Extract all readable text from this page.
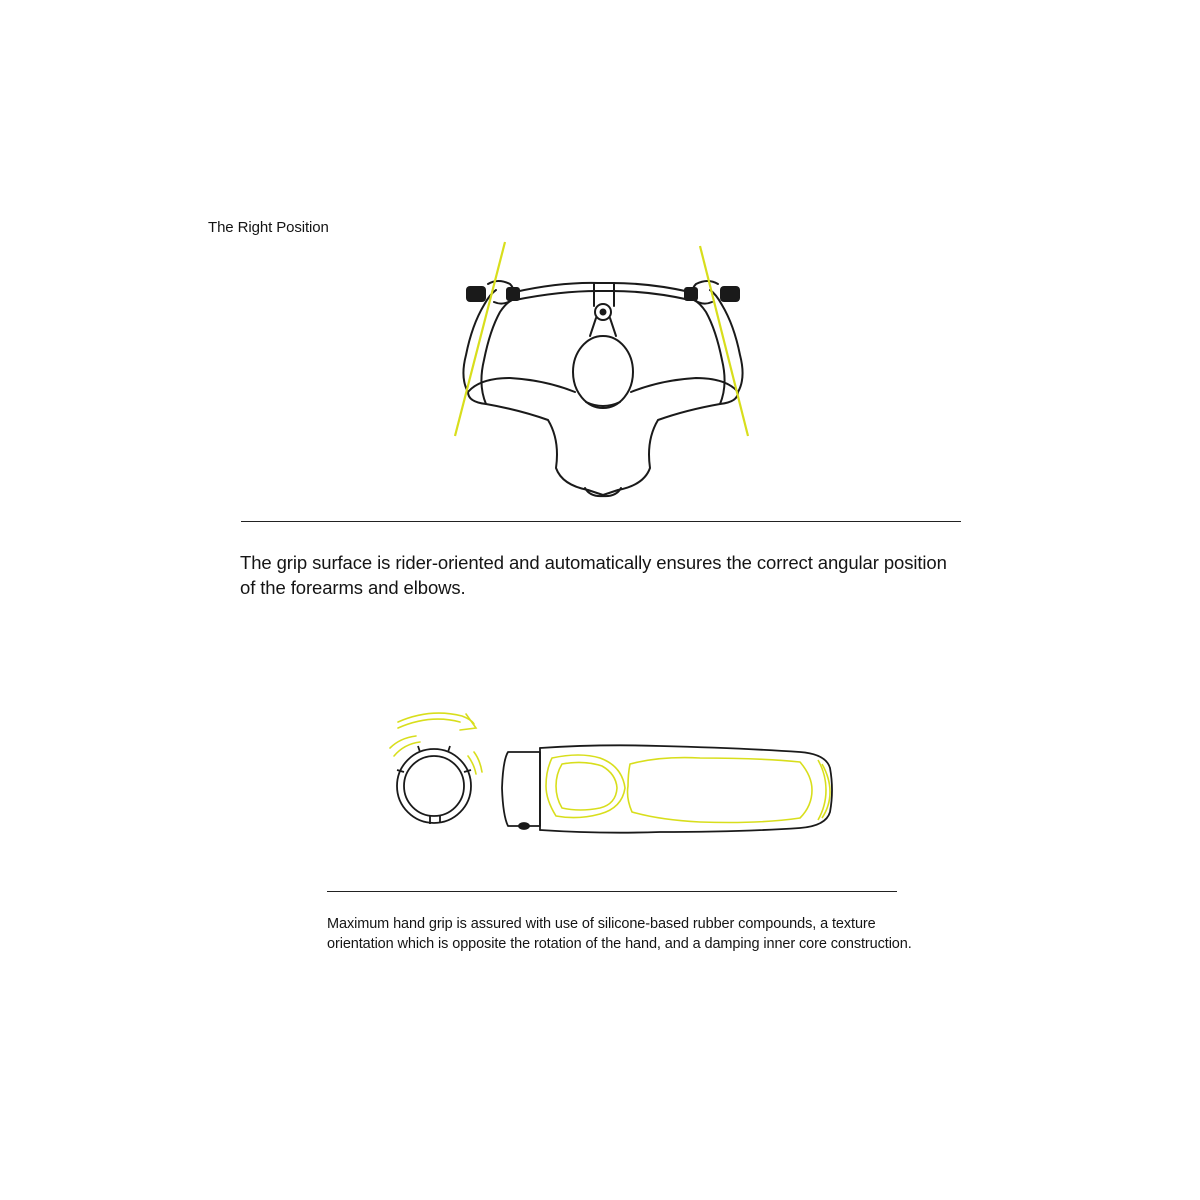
The Right Position
The grip surface is rider-oriented and automatically ensures the correct angular position of the forearms and elbows.
Maximum hand grip is assured with use of silicone-based rubber compounds, a texture orientation which is opposite the rotation of the hand, and a damping inner core construction.
